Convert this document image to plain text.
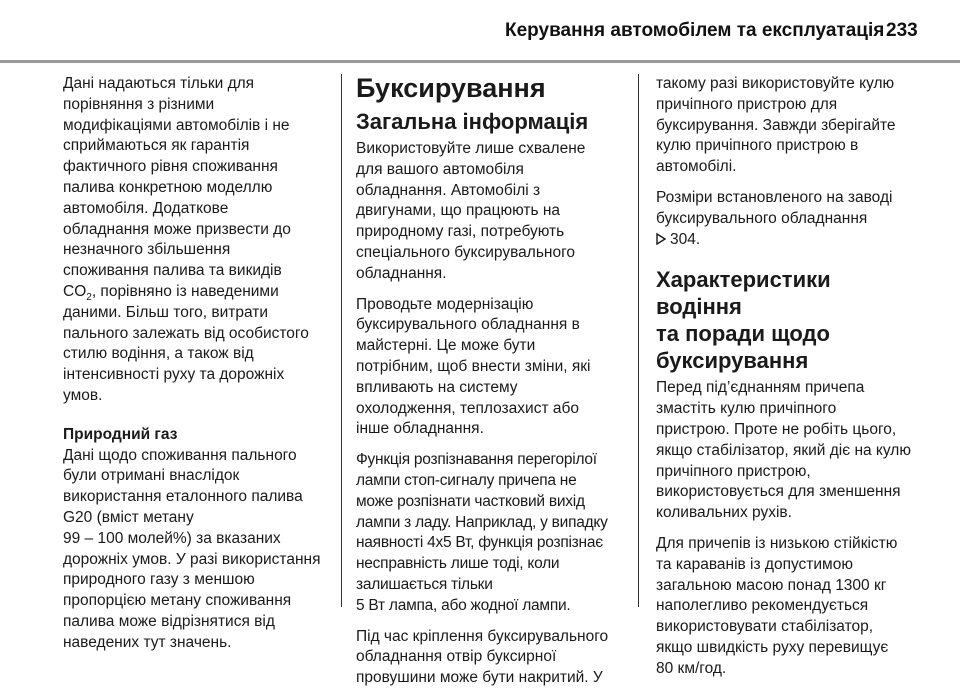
Керування автомобілем та експлуатація 233

Дані надаються тільки для
порівняння з різними
модифікаціями автомобілів і не
сприймаються як гарантія
фактичного рівня споживання
палива конкретною моделлю
автомобіля. Додаткове
обладнання може призвести до
незначного збільшення
споживання палива та викидів
$CO_2$, порівняно із наведеними
даними. Більш того, витрати
пального залежать від особистого
стилю водіння, а також від
інтенсивності руху та дорожніх
умов.

Природний газ

Дані щодо споживання пального
були отримані внаслідок
використання еталонного палива
G20 (вміст метану
99 – 100 молей%) за вказаних
дорожніх умов. У разі використання
природного газу з меншою
пропорцією метану споживання
палива може відрізнятися від
наведених тут значень.

Буксирування
Загальна інформація

Використовуйте лише схвалене
для вашого автомобіля
обладнання. Автомобілі з
двигунами, що працюють на
природному газі, потребують
спеціального буксирувального
обладнання.

Проводьте модернізацію
буксирувального обладнання в
майстерні. Це може бути
потрібним, щоб внести зміни, які
впливають на систему
охолодження, теплозахист або
інше обладнання.

Функція розпізнавання перегорілої
лампи стоп-сигналу причепа не
може розпізнати частковий вихід
лампи з ладу. Наприклад, у випадку
наявності 4x5 Вт, функція розпізнає
несправність лише тоді, коли залишається тільки
5 Вт лампа, або жодної лампи.

Під час кріплення буксирувального
обладнання отвір буксирної
провушини може бути накритий. У

такому разі використовуйте кулю
причіпного пристрою для
буксирування. Завжди зберігайте
кулю причіпного пристрою в
автомобілі.

Розміри встановленого на заводі
буксирувального обладнання
304.

Характеристики водіння
та поради щодо
буксирування

Перед під’єднанням причепа
змастіть кулю причіпного
пристрою. Проте не робіть цього,
якщо стабілізатор, який діє на кулю
причіпного пристрою,
використовується для зменшення
коливальних рухів.

Для причепів із низькою стійкістю
та караванів із допустимою
загальною масою понад 1300 кг
наполегливо рекомендується
використовувати стабілізатор,
якщо швидкість руху перевищує
80 км/год.
